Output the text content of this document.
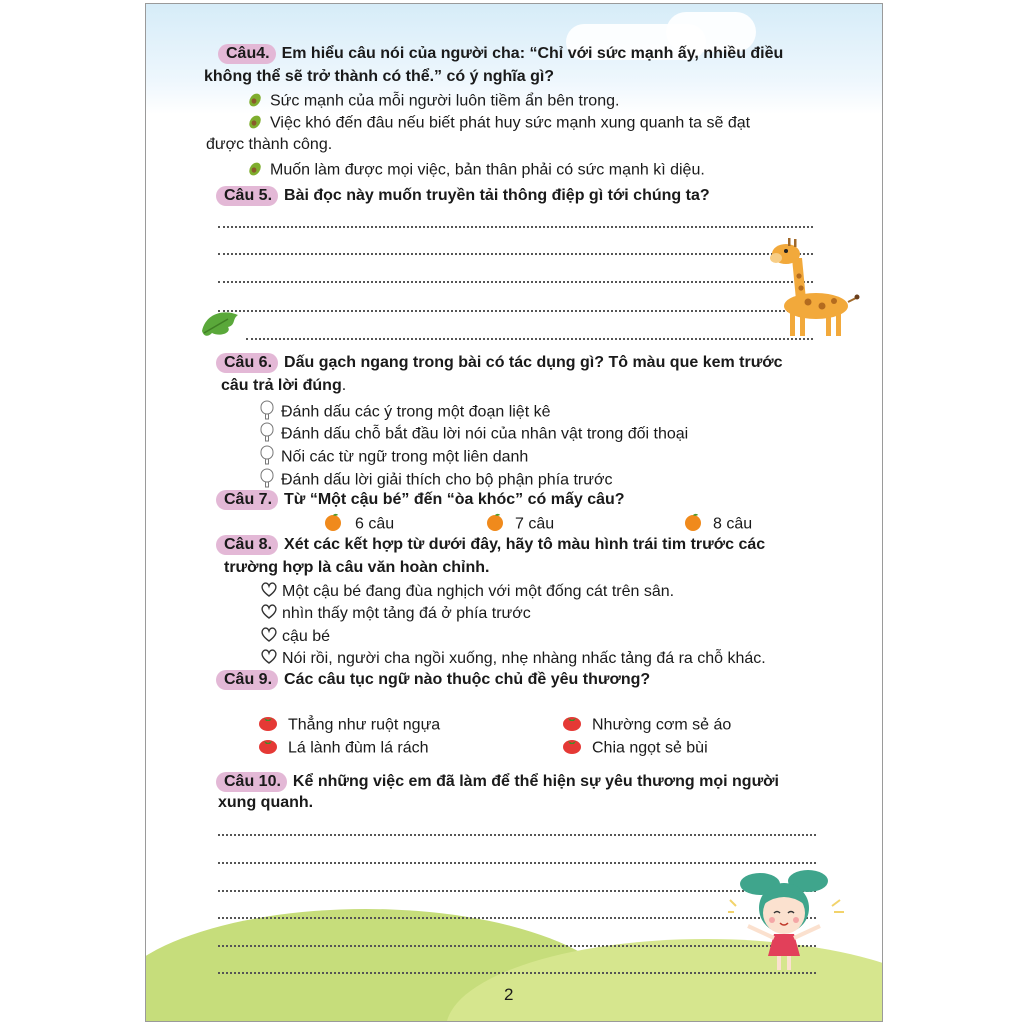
Câu4. Em hiểu câu nói của người cha: “Chỉ với sức mạnh ấy, nhiều điều
không thể sẽ trở thành có thể.” có ý nghĩa gì?
Sức mạnh của mỗi người luôn tiềm ẩn bên trong.
Việc khó đến đâu nếu biết phát huy sức mạnh xung quanh ta sẽ đạt
được thành công.
Muốn làm được mọi việc, bản thân phải có sức mạnh kì diệu.
Câu 5. Bài đọc này muốn truyền tải thông điệp gì tới chúng ta?
Câu 6. Dấu gạch ngang trong bài có tác dụng gì? Tô màu que kem trước
câu trả lời đúng.
Đánh dấu các ý trong một đoạn liệt kê
Đánh dấu chỗ bắt đầu lời nói của nhân vật trong đối thoại
Nối các từ ngữ trong một liên danh
Đánh dấu lời giải thích cho bộ phận phía trước
Câu 7. Từ “Một cậu bé” đến “òa khóc” có mấy câu?
6 câu	7 câu	8 câu
Câu 8. Xét các kết hợp từ dưới đây, hãy tô màu hình trái tim trước các
trường hợp là câu văn hoàn chỉnh.
Một cậu bé đang đùa nghịch với một đống cát trên sân.
nhìn thấy một tảng đá ở phía trước
cậu bé
Nói rồi, người cha ngồi xuống, nhẹ nhàng nhấc tảng đá ra chỗ khác.
Câu 9. Các câu tục ngữ nào thuộc chủ đề yêu thương?
Thẳng như ruột ngựa	Nhường cơm sẻ áo
Lá lành đùm lá rách	Chia ngọt sẻ bùi
Câu 10. Kể những việc em đã làm để thể hiện sự yêu thương mọi người
xung quanh.
2
